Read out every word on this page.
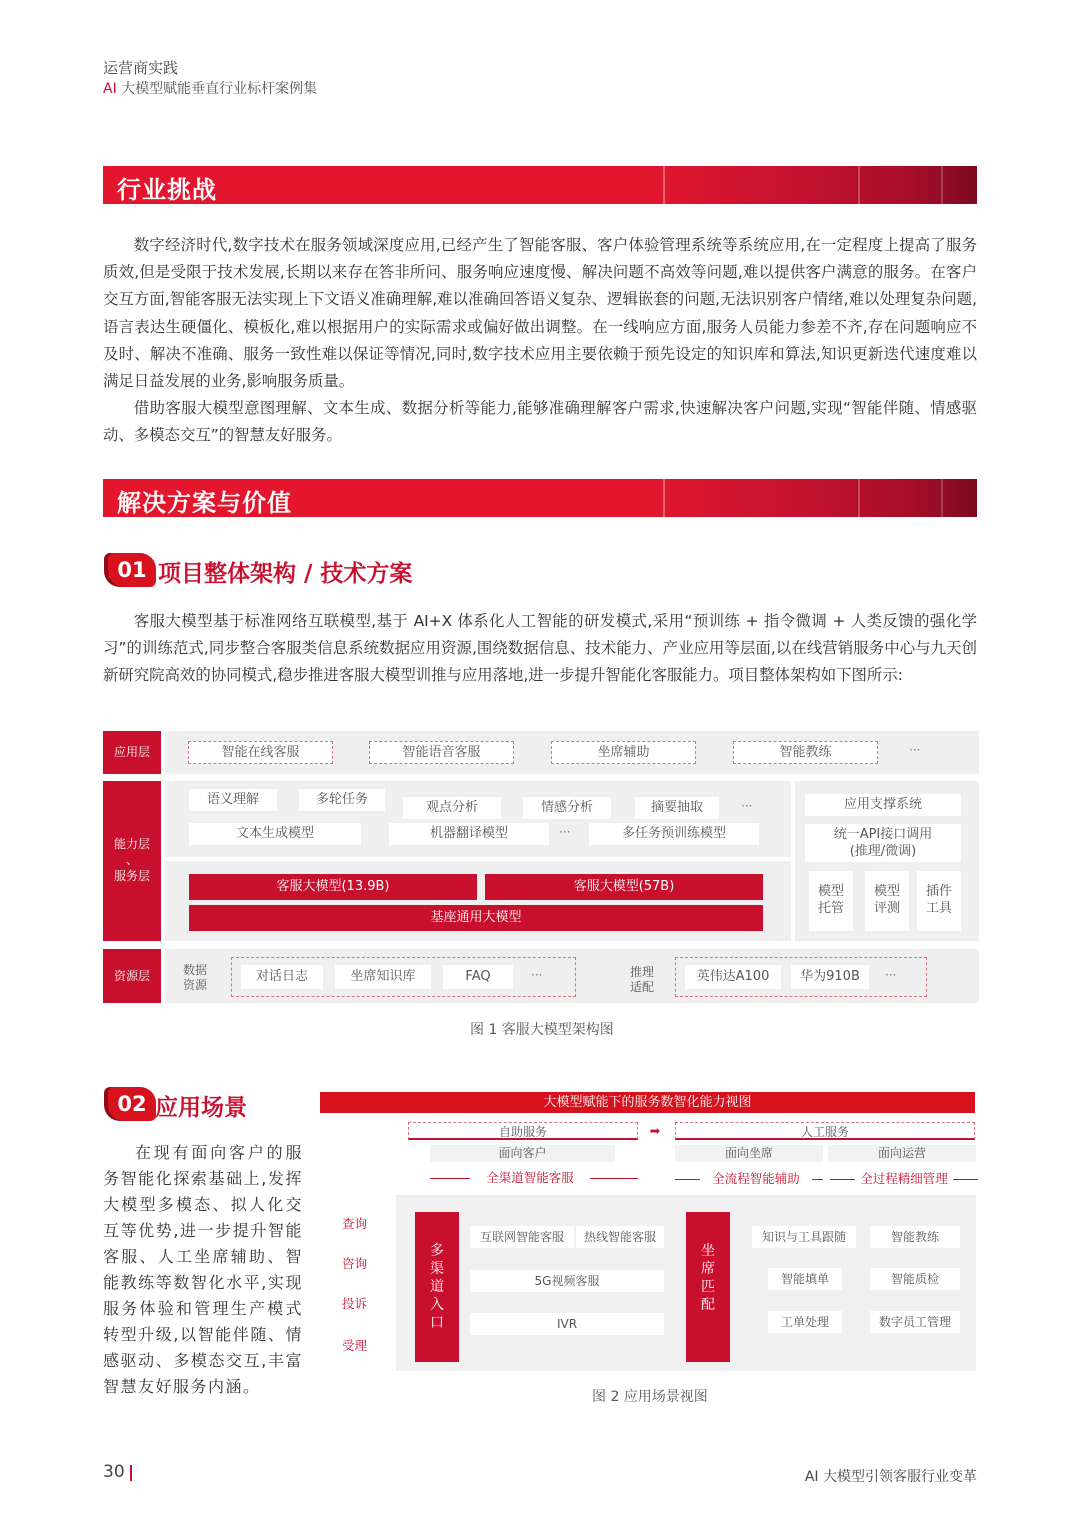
运营商实践
AI 大模型赋能垂直行业标杆案例集
行业挑战

数字经济时代,数字技术在服务领域深度应用,已经产生了智能客服、客户体验管理系统等系统应用,在一定程度上提高了服务质效,但是受限于技术发展,长期以来存在答非所问、服务响应速度慢、解决问题不高效等问题,难以提供客户满意的服务。在客户交互方面,智能客服无法实现上下文语义准确理解,难以准确回答语义复杂、逻辑嵌套的问题,无法识别客户情绪,难以处理复杂问题,语言表达生硬僵化、模板化,难以根据用户的实际需求或偏好做出调整。在一线响应方面,服务人员能力参差不齐,存在问题响应不及时、解决不准确、服务一致性难以保证等情况,同时,数字技术应用主要依赖于预先设定的知识库和算法,知识更新迭代速度难以满足日益发展的业务,影响服务质量。

借助客服大模型意图理解、文本生成、数据分析等能力,能够准确理解客户需求,快速解决客户问题,实现“智能伴随、情感驱动、多模态交互”的智慧友好服务。

解决方案与价值
01 项目整体架构 / 技术方案

客服大模型基于标准网络互联模型,基于 AI+X 体系化人工智能的研发模式,采用“预训练 + 指令微调 + 人类反馈的强化学习”的训练范式,同步整合客服类信息系统数据应用资源,围绕数据信息、技术能力、产业应用等层面,以在线营销服务中心与九天创新研究院高效的协同模式,稳步推进客服大模型训推与应用落地,进一步提升智能化客服能力。项目整体架构如下图所示:

应用层	智能在线客服	智能语音客服	坐席辅助	智能教练	···
能力层
、
服务层
语义理解	多轮任务
观点分析	情感分析	摘要抽取	···
文本生成模型	机器翻译模型	···	多任务预训练模型
客服大模型(13.9B)	客服大模型(57B)
基座通用大模型
应用支撑系统
统一API接口调用
(推理/微调)
模型
托管
模型
评测
插件
工具
资源层	数据
资源
对话日志	坐席知识库	FAQ	···	推理
适配
英伟达A100	华为910B	···
图 1 客服大模型架构图
02 应用场景

在现有面向客户的服务智能化探索基础上,发挥大模型多模态、拟人化交互等优势,进一步提升智能客服、人工坐席辅助、智能教练等数智化水平,实现服务体验和管理生产模式转型升级,以智能伴随、情感驱动、多模态交互,丰富智慧友好服务内涵。

大模型赋能下的服务数智化能力视图
自助服务	➡	人工服务
面向客户	面向坐席	面向运营
全渠道智能客服	全流程智能辅助	全过程精细管理
查询
咨询
投诉
受理
多
渠
道
入
口
互联网智能客服	热线智能客服
5G视频客服
IVR
坐
席
匹
配
知识与工具跟随	智能教练
智能填单	智能质检
工单处理	数字员工管理
图 2 应用场景视图
30	AI 大模型引领客服行业变革
